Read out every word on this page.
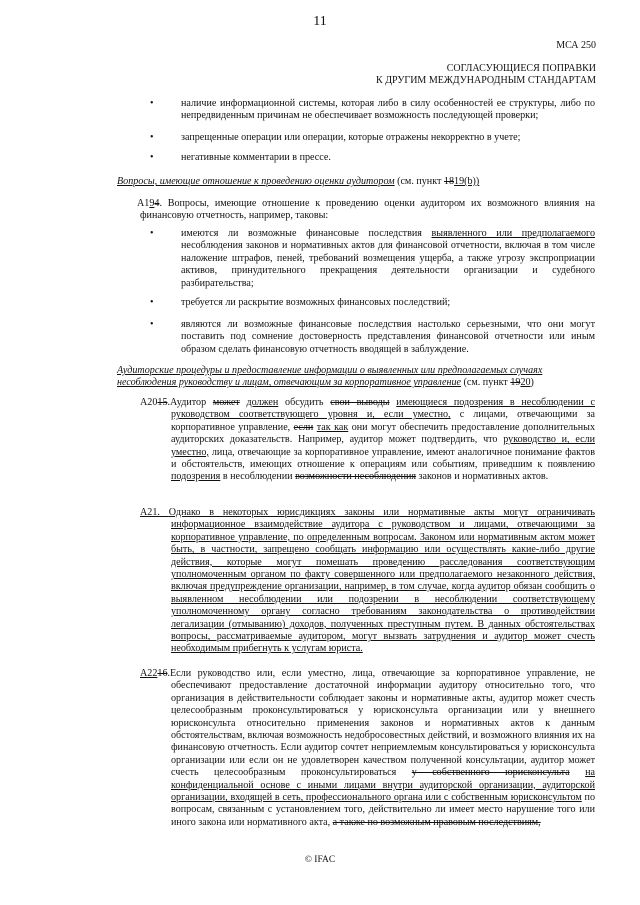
11
МСА 250
СОГЛАСУЮЩИЕСЯ ПОПРАВКИ
К ДРУГИМ МЕЖДУНАРОДНЫМ СТАНДАРТАМ
•	наличие информационной системы, которая либо в силу особенностей ее структуры, либо по непредвиденным причинам не обеспечивает возможность последующей проверки;
•	запрещенные операции или операции, которые отражены некорректно в учете;
•	негативные комментарии в прессе.
Вопросы, имеющие отношение к проведению оценки аудитором (см. пункт 1819(b))
A194. Вопросы, имеющие отношение к проведению оценки аудитором их возможного влияния на финансовую отчетность, например, таковы:
•	имеются ли возможные финансовые последствия выявленного или предполагаемого несоблюдения законов и нормативных актов для финансовой отчетности, включая в том числе наложение штрафов, пеней, требований возмещения ущерба, а также угрозу экспроприации активов, принудительного прекращения деятельности организации и судебного разбирательства;
•	требуется ли раскрытие возможных финансовых последствий;
•	являются ли возможные финансовые последствия настолько серьезными, что они могут поставить под сомнение достоверность представления финансовой отчетности или иным образом сделать финансовую отчетность вводящей в заблуждение.
Аудиторские процедуры и предоставление информации о выявленных или предполагаемых случаях
несоблюдения руководству и лицам, отвечающим за корпоративное управление (см. пункт 1920)
A2015.Аудитор может должен обсудить свои выводы имеющиеся подозрения в несоблюдении с руководством соответствующего уровня и, если уместно, с лицами, отвечающими за корпоративное управление, если так как они могут обеспечить предоставление дополнительных аудиторских доказательств. Например, аудитор может подтвердить, что руководство и, если уместно, лица, отвечающие за корпоративное управление, имеют аналогичное понимание фактов и обстоятельств, имеющих отношение к операциям или событиям, приведшим к появлению подозрения в несоблюдении возможности несоблюдения законов и нормативных актов.
A21. Однако в некоторых юрисдикциях законы или нормативные акты могут ограничивать информационное взаимодействие аудитора с руководством и лицами, отвечающими за корпоративное управление, по определенным вопросам. Законом или нормативным актом может быть, в частности, запрещено сообщать информацию или осуществлять какие-либо другие действия, которые могут помешать проведению расследования соответствующим уполномоченным органом по факту совершенного или предполагаемого незаконного действия, включая предупреждение организации, например, в том случае, когда аудитор обязан сообщить о выявленном несоблюдении или подозрении в несоблюдении соответствующему уполномоченному органу согласно требованиям законодательства о противодействии легализации (отмыванию) доходов, полученных преступным путем. В данных обстоятельствах вопросы, рассматриваемые аудитором, могут вызвать затруднения и аудитор может счесть необходимым прибегнуть к услугам юриста.
A2216.Если руководство или, если уместно, лица, отвечающие за корпоративное управление, не обеспечивают предоставление достаточной информации аудитору относительно того, что организация в действительности соблюдает законы и нормативные акты, аудитор может счесть целесообразным проконсультироваться у юрисконсульта организации или у внешнего юрисконсульта относительно применения законов и нормативных актов к данным обстоятельствам, включая возможность недобросовестных действий, и возможного влияния их на финансовую отчетность. Если аудитор сочтет неприемлемым консультироваться у юрисконсульта организации или если он не удовлетворен качеством полученной консультации, аудитор может счесть целесообразным проконсультироваться у собственного юрисконсульта на конфиденциальной основе с иными лицами внутри аудиторской организации, аудиторской организации, входящей в сеть, профессионального органа или с собственным юрисконсультом по вопросам, связанным с установлением того, действительно ли имеет место нарушение того или иного закона или нормативного акта, а также по возможным правовым последствиям,
© IFAC
